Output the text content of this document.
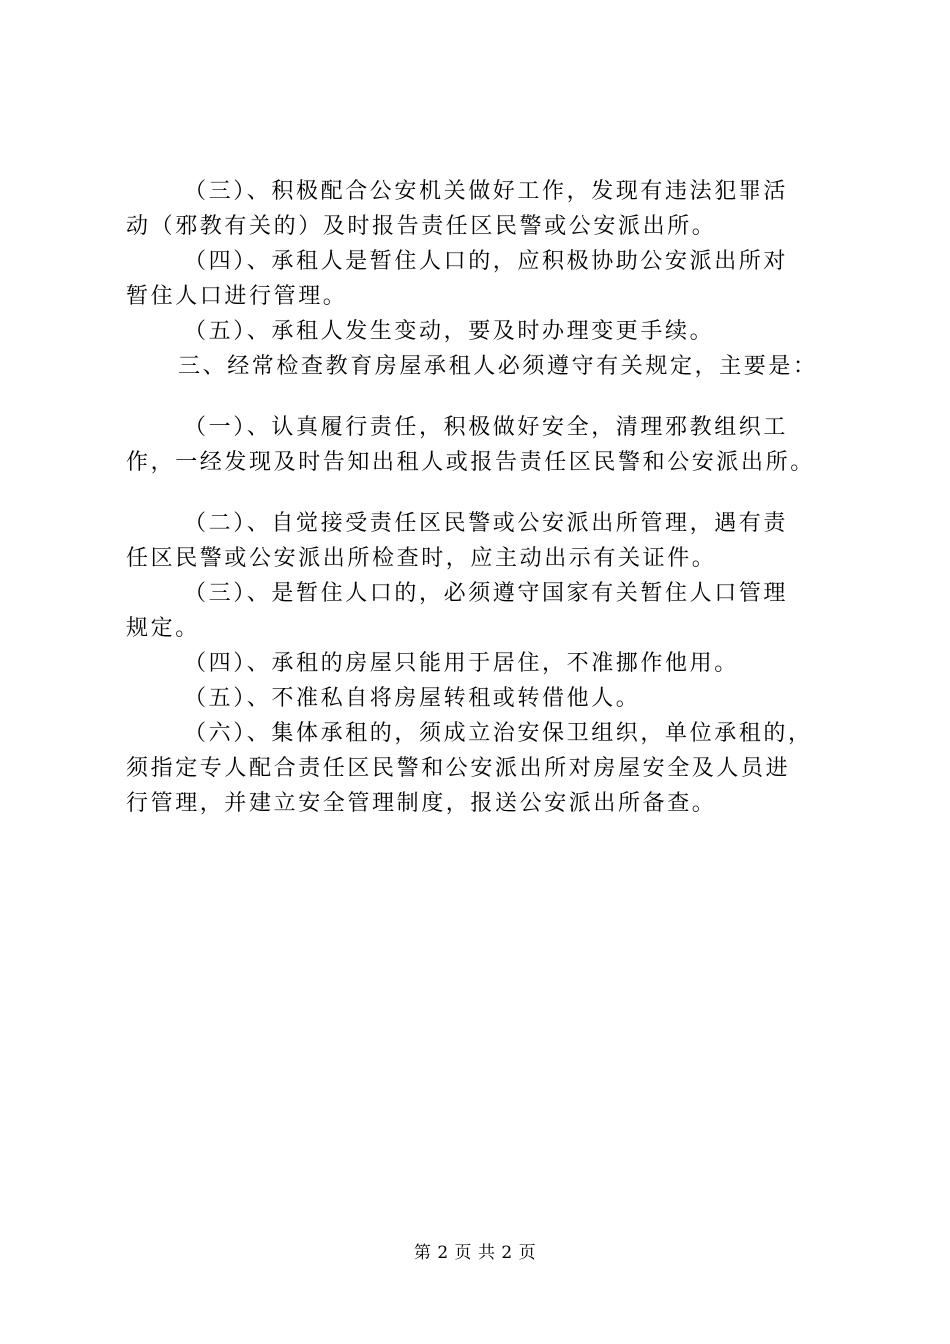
（三）、积极配合公安机关做好工作，发现有违法犯罪活
动（邪教有关的）及时报告责任区民警或公安派出所。
（四）、承租人是暂住人口的，应积极协助公安派出所对
暂住人口进行管理。
（五）、承租人发生变动，要及时办理变更手续。
三、经常检查教育房屋承租人必须遵守有关规定，主要是：
（一）、认真履行责任，积极做好安全，清理邪教组织工
作，一经发现及时告知出租人或报告责任区民警和公安派出所。
（二）、自觉接受责任区民警或公安派出所管理，遇有责
任区民警或公安派出所检查时，应主动出示有关证件。
（三）、是暂住人口的，必须遵守国家有关暂住人口管理
规定。
（四）、承租的房屋只能用于居住，不准挪作他用。
（五）、不准私自将房屋转租或转借他人。
（六）、集体承租的，须成立治安保卫组织，单位承租的，
须指定专人配合责任区民警和公安派出所对房屋安全及人员进
行管理，并建立安全管理制度，报送公安派出所备查。
第 2 页 共 2 页
